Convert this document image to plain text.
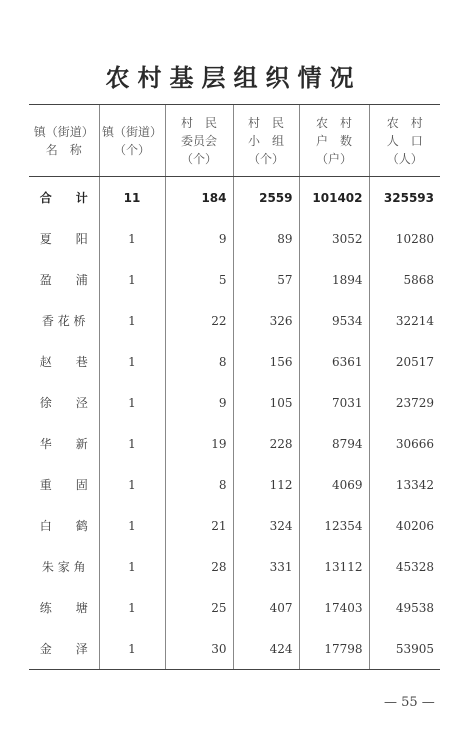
农村基层组织情况
镇（街道）
名　称	镇（街道）
（个）	村　民
委员会
（个）	村　民
小　组
（个）	农　村
户　数
（户）	农　村
人　口
（人）

合　　计	11	184	2559	101402	325593
夏　　阳	1	9	89	3052	10280
盈　　浦	1	5	57	1894	5868
香 花 桥	1	22	326	9534	32214
赵　　巷	1	8	156	6361	20517
徐　　泾	1	9	105	7031	23729
华　　新	1	19	228	8794	30666
重　　固	1	8	112	4069	13342
白　　鹤	1	21	324	12354	40206
朱 家 角	1	28	331	13112	45328
练　　塘	1	25	407	17403	49538
金　　泽	1	30	424	17798	53905
— 55 —
